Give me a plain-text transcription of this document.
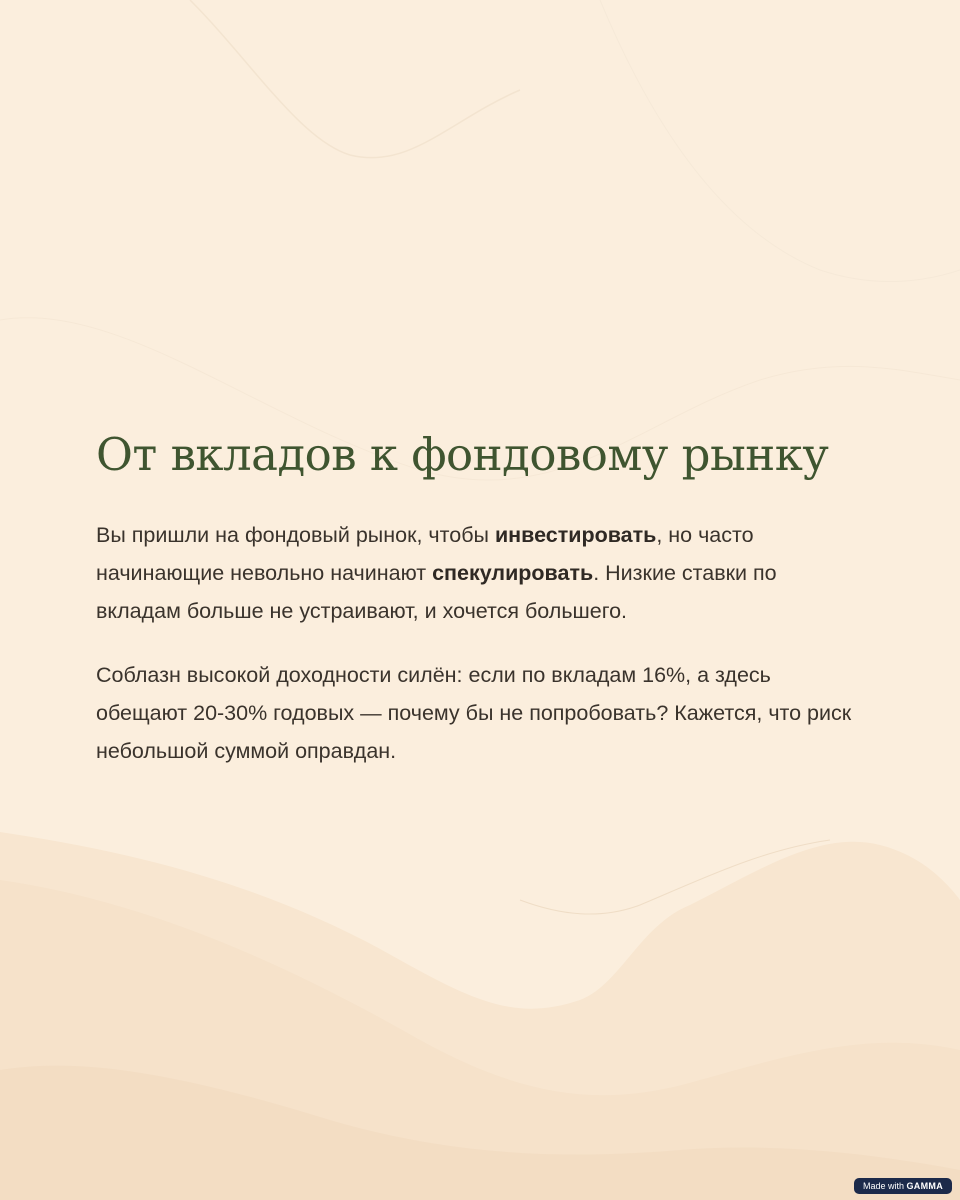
От вкладов к фондовому рынку

Вы пришли на фондовый рынок, чтобы инвестировать, но часто начинающие невольно начинают спекулировать. Низкие ставки по вкладам больше не устраивают, и хочется большего.

Соблазн высокой доходности силён: если по вкладам 16%, а здесь обещают 20-30% годовых — почему бы не попробовать? Кажется, что риск небольшой суммой оправдан.

Made with GAMMA
